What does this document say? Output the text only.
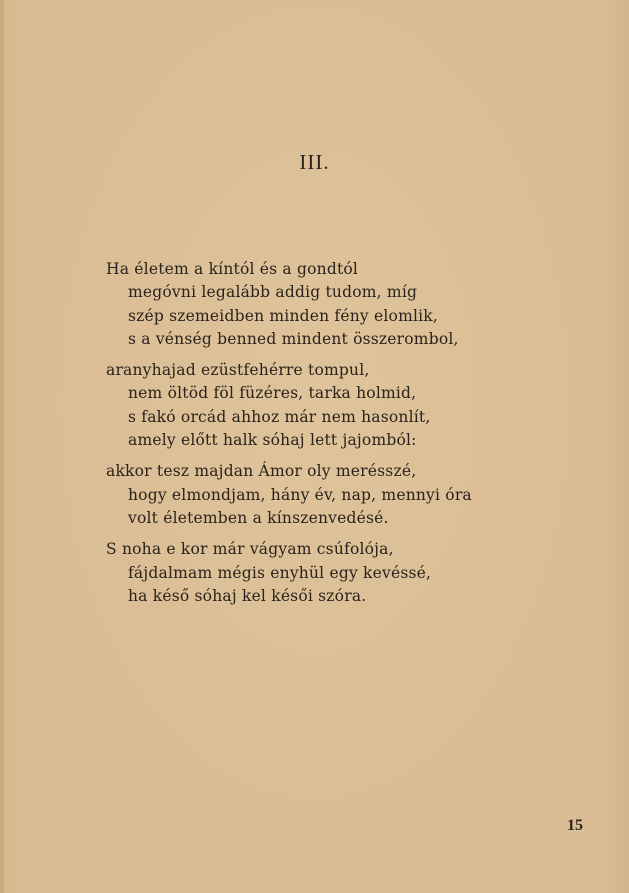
III.
Ha életem a kíntól és a gondtól
megóvni legalább addig tudom, míg
szép szemeidben minden fény elomlik,
s a vénség benned mindent összerombol,
aranyhajad ezüstfehérre tompul,
nem öltöd föl füzéres, tarka holmid,
s fakó orcád ahhoz már nem hasonlít,
amely előtt halk sóhaj lett jajomból:
akkor tesz majdan Ámor oly merésszé,
hogy elmondjam, hány év, nap, mennyi óra
volt életemben a kínszenvedésé.
S noha e kor már vágyam csúfolója,
fájdalmam mégis enyhül egy kevéssé,
ha késő sóhaj kel késői szóra.
15
